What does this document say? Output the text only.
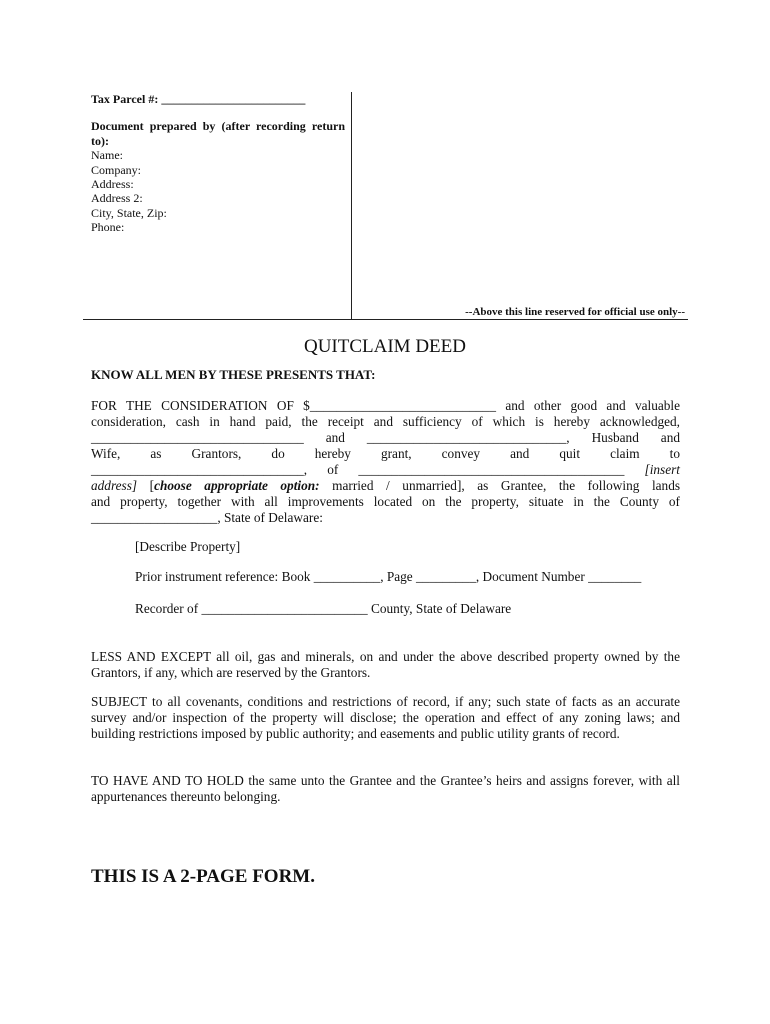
Tax Parcel #: ________________________
Document prepared by (after recording return to):
Name:
Company:
Address:
Address 2:
City, State, Zip:
Phone:
--Above this line reserved for official use only--
QUITCLAIM DEED
KNOW ALL MEN BY THESE PRESENTS THAT:
FOR THE CONSIDERATION OF $____________________________ and other good and valuable
consideration, cash in hand paid, the receipt and sufficiency of which is hereby acknowledged,
________________________________ and ______________________________, Husband and
Wife, as Grantors, do hereby grant, convey and quit claim to
________________________________, of ________________________________________ [insert
address] [choose appropriate option: married / unmarried], as Grantee, the following lands
and property, together with all improvements located on the property, situate in the County of
___________________, State of Delaware:
[Describe Property]
Prior instrument reference: Book __________, Page _________, Document Number ________
Recorder of _________________________ County, State of Delaware
LESS AND EXCEPT all oil, gas and minerals, on and under the above described property owned by the Grantors, if any, which are reserved by the Grantors.
SUBJECT to all covenants, conditions and restrictions of record, if any; such state of facts as an accurate survey and/or inspection of the property will disclose; the operation and effect of any zoning laws; and building restrictions imposed by public authority; and easements and public utility grants of record.
TO HAVE AND TO HOLD the same unto the Grantee and the Grantee’s heirs and assigns forever, with all appurtenances thereunto belonging.
THIS IS A 2-PAGE FORM.
